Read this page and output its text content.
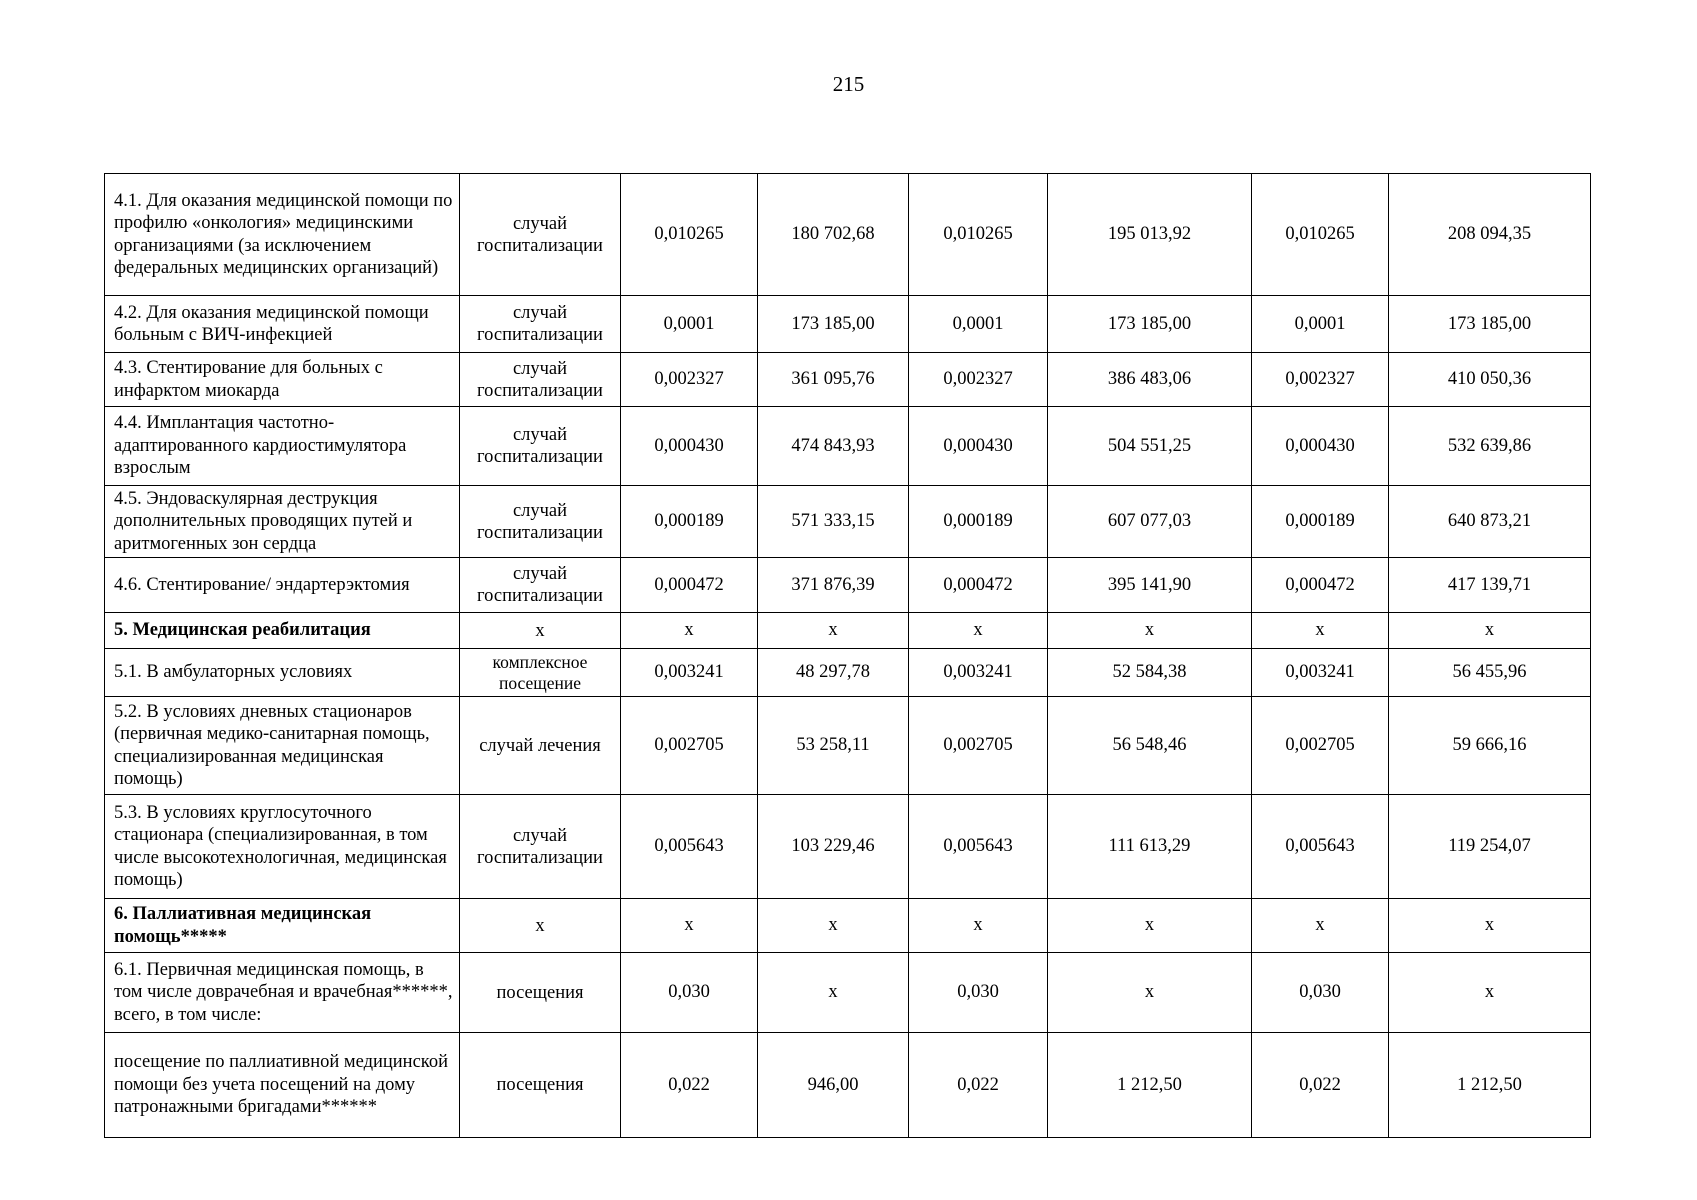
215
4.1. Для оказания медицинской помощи по профилю «онкология» медицинскими организациями (за исключением федеральных медицинских организаций)	случай госпитализации	0,010265	180 702,68	0,010265	195 013,92	0,010265	208 094,35
4.2. Для оказания медицинской помощи больным с ВИЧ-инфекцией	случай госпитализации	0,0001	173 185,00	0,0001	173 185,00	0,0001	173 185,00
4.3. Стентирование для больных с инфарктом миокарда	случай госпитализации	0,002327	361 095,76	0,002327	386 483,06	0,002327	410 050,36
4.4. Имплантация частотно-адаптированного кардиостимулятора взрослым	случай госпитализации	0,000430	474 843,93	0,000430	504 551,25	0,000430	532 639,86
4.5. Эндоваскулярная деструкция дополнительных проводящих путей и аритмогенных зон сердца	случай госпитализации	0,000189	571 333,15	0,000189	607 077,03	0,000189	640 873,21
4.6. Стентирование/ эндартерэктомия	случай госпитализации	0,000472	371 876,39	0,000472	395 141,90	0,000472	417 139,71
5. Медицинская реабилитация	х	х	х	х	х	х	х
5.1. В амбулаторных условиях	комплексное посещение	0,003241	48 297,78	0,003241	52 584,38	0,003241	56 455,96
5.2. В условиях дневных стационаров (первичная медико-санитарная помощь, специализированная медицинская помощь)	случай лечения	0,002705	53 258,11	0,002705	56 548,46	0,002705	59 666,16
5.3. В условиях круглосуточного стационара (специализированная, в том числе высокотехнологичная, медицинская помощь)	случай госпитализации	0,005643	103 229,46	0,005643	111 613,29	0,005643	119 254,07
6. Паллиативная медицинская помощь*****	х	х	х	х	х	х	х
6.1. Первичная медицинская помощь, в том числе доврачебная и врачебная******, всего, в том числе:	посещения	0,030	х	0,030	х	0,030	х
посещение по паллиативной медицинской помощи без учета посещений на дому патронажными бригадами******	посещения	0,022	946,00	0,022	1 212,50	0,022	1 212,50
